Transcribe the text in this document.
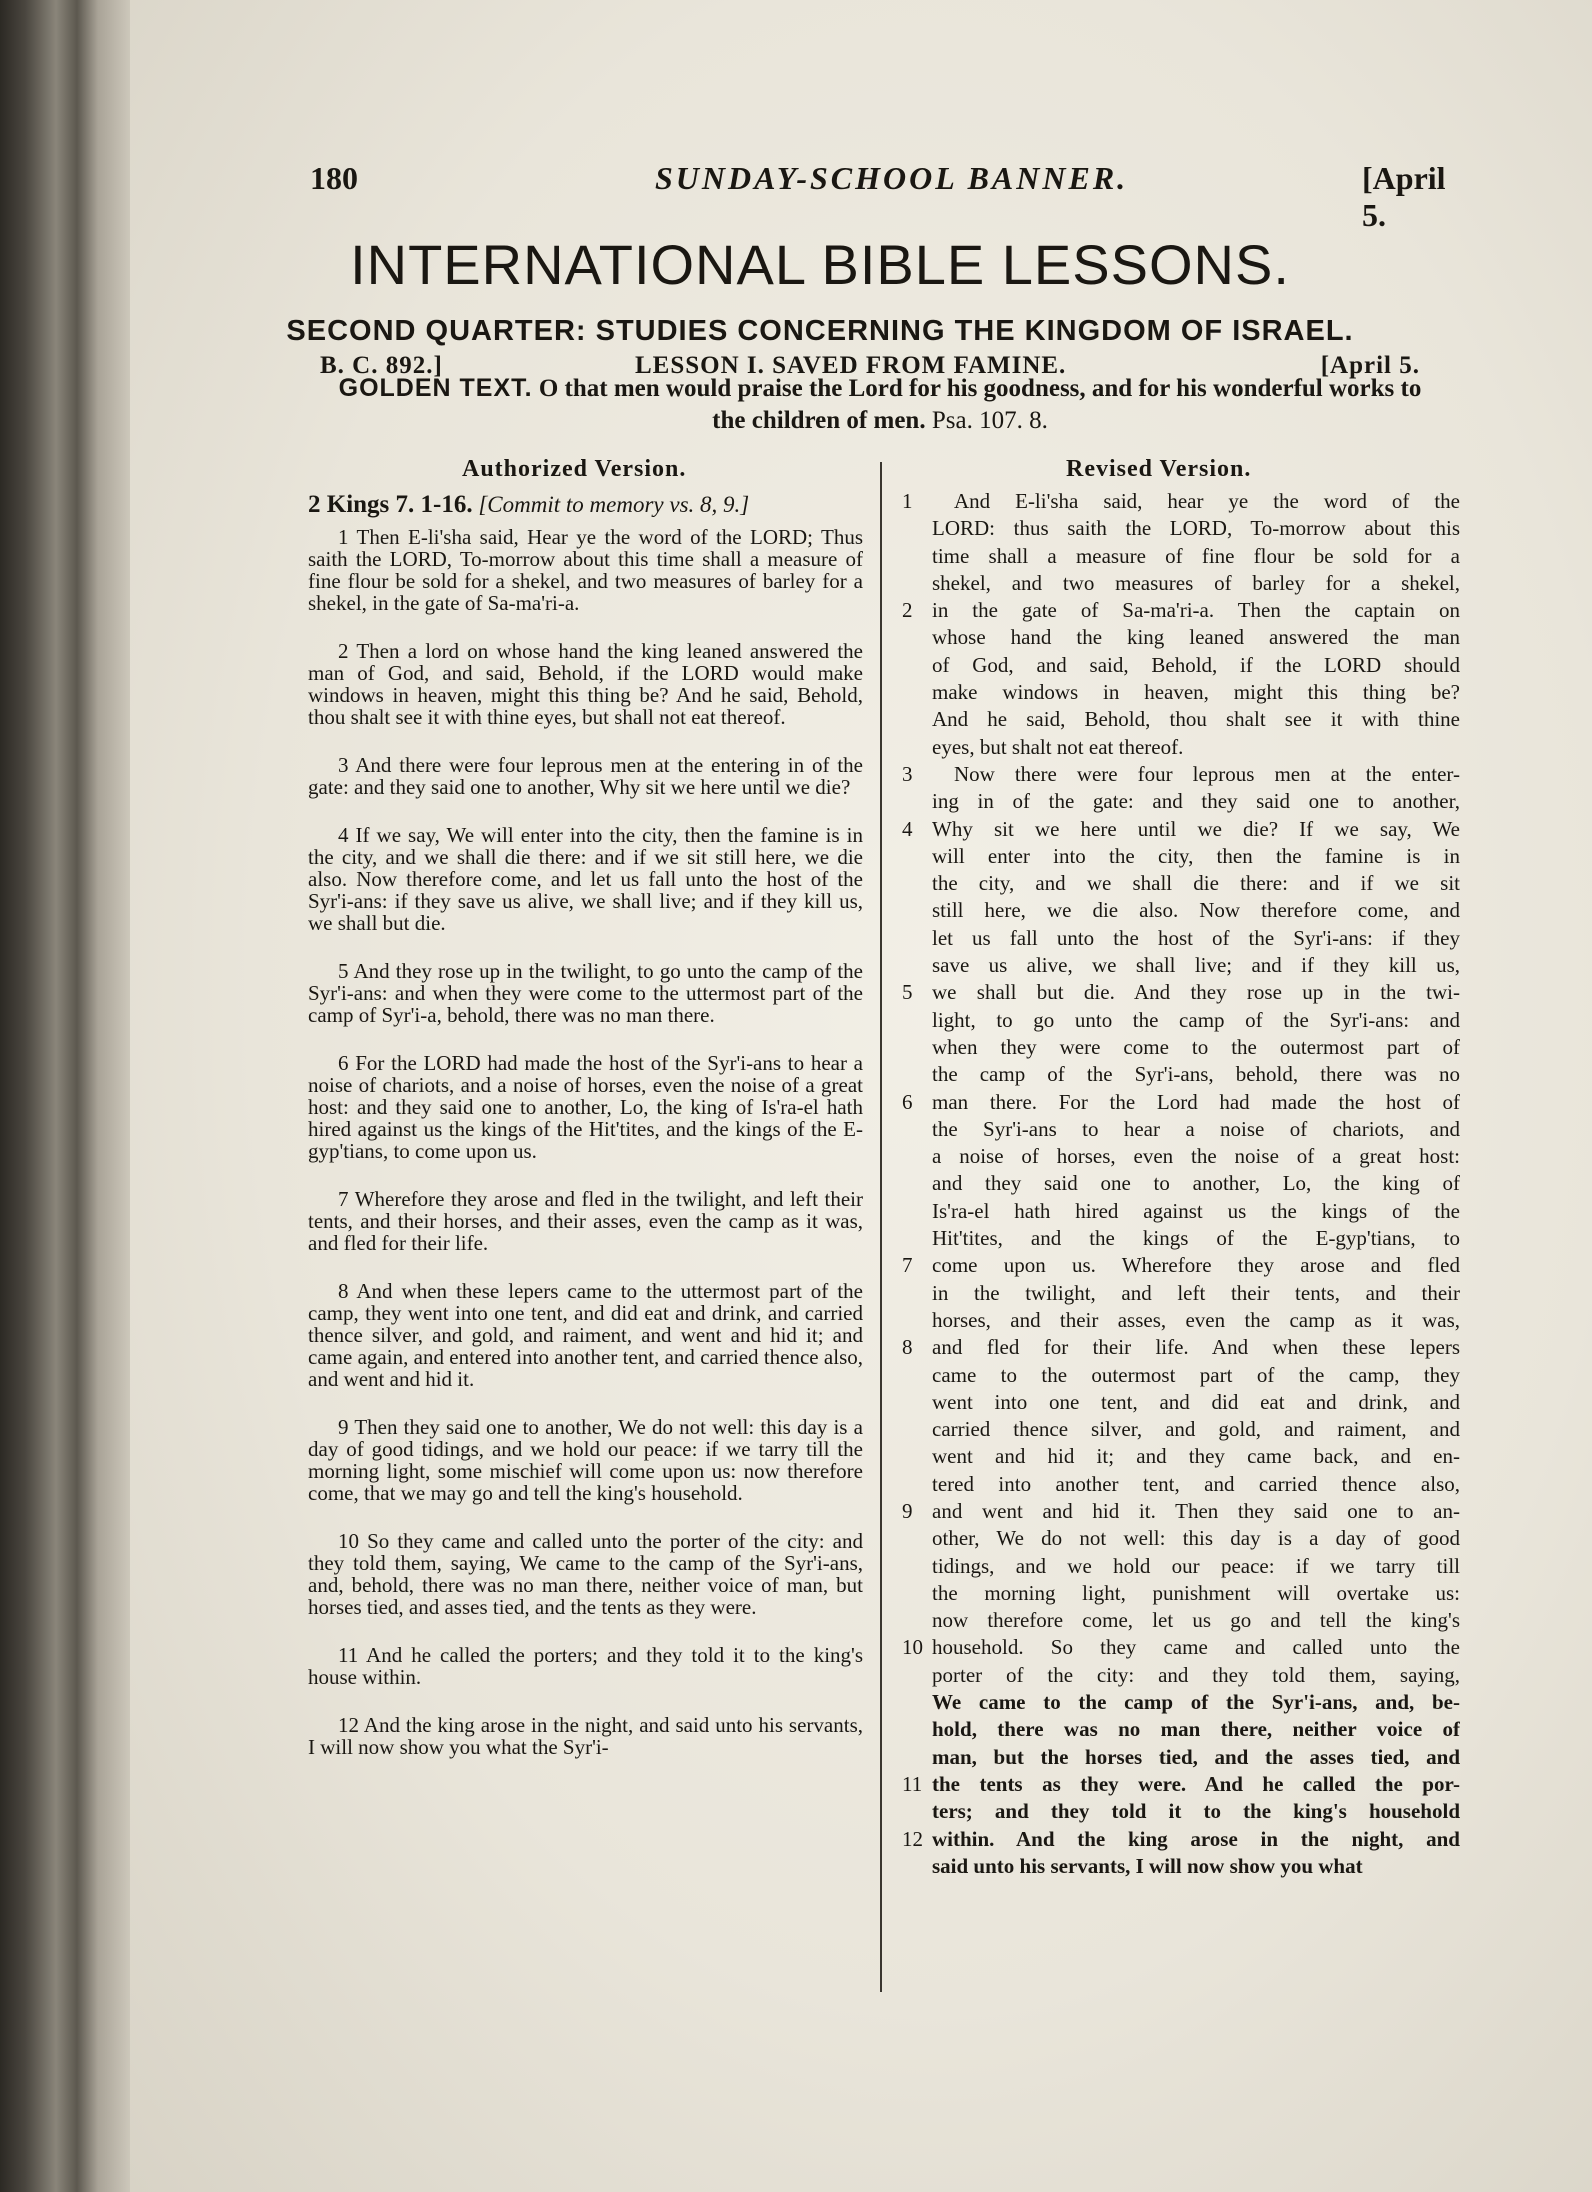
180	SUNDAY-SCHOOL BANNER.	[April 5.
INTERNATIONAL BIBLE LESSONS.
SECOND QUARTER: STUDIES CONCERNING THE KINGDOM OF ISRAEL.
B. C. 892.]	LESSON I. SAVED FROM FAMINE.	[April 5.
GOLDEN TEXT. O that men would praise the Lord for his goodness, and for his wonderful works to the children of men. Psa. 107. 8.
Authorized Version.	Revised Version.
2 Kings 7. 1-16. [Commit to memory vs. 8, 9.]

1 Then E-li'sha said, Hear ye the word of the LORD; Thus saith the LORD, To-morrow about this time shall a measure of fine flour be sold for a shekel, and two measures of barley for a shekel, in the gate of Sa-ma'ri-a.

2 Then a lord on whose hand the king leaned answered the man of God, and said, Behold, if the LORD would make windows in heaven, might this thing be? And he said, Behold, thou shalt see it with thine eyes, but shall not eat thereof.

3 And there were four leprous men at the entering in of the gate: and they said one to another, Why sit we here until we die?

4 If we say, We will enter into the city, then the famine is in the city, and we shall die there: and if we sit still here, we die also. Now therefore come, and let us fall unto the host of the Syr'i-ans: if they save us alive, we shall live; and if they kill us, we shall but die.

5 And they rose up in the twilight, to go unto the camp of the Syr'i-ans: and when they were come to the uttermost part of the camp of Syr'i-a, behold, there was no man there.

6 For the LORD had made the host of the Syr'i-ans to hear a noise of chariots, and a noise of horses, even the noise of a great host: and they said one to another, Lo, the king of Is'ra-el hath hired against us the kings of the Hit'tites, and the kings of the E-gyp'tians, to come upon us.

7 Wherefore they arose and fled in the twilight, and left their tents, and their horses, and their asses, even the camp as it was, and fled for their life.

8 And when these lepers came to the uttermost part of the camp, they went into one tent, and did eat and drink, and carried thence silver, and gold, and raiment, and went and hid it; and came again, and entered into another tent, and carried thence also, and went and hid it.

9 Then they said one to another, We do not well: this day is a day of good tidings, and we hold our peace: if we tarry till the morning light, some mischief will come upon us: now therefore come, that we may go and tell the king's household.

10 So they came and called unto the porter of the city: and they told them, saying, We came to the camp of the Syr'i-ans, and, behold, there was no man there, neither voice of man, but horses tied, and asses tied, and the tents as they were.

11 And he called the porters; and they told it to the king's house within.

12 And the king arose in the night, and said unto his servants, I will now show you what the Syr'i-

1	And E-li'sha said, hear ye the word of the
LORD: thus saith the LORD, To-morrow about this
time shall a measure of fine flour be sold for a
shekel, and two measures of barley for a shekel,
2 in the gate of Sa-ma'ri-a. Then the captain on
whose hand the king leaned answered the man
of God, and said, Behold, if the LORD should
make windows in heaven, might this thing be?
And he said, Behold, thou shalt see it with thine
eyes, but shalt not eat thereof.
3	Now there were four leprous men at the enter-
ing in of the gate: and they said one to another,
4 Why sit we here until we die? If we say, We
will enter into the city, then the famine is in
the city, and we shall die there: and if we sit
still here, we die also. Now therefore come, and
let us fall unto the host of the Syr'i-ans: if they
save us alive, we shall live; and if they kill us,
5 we shall but die. And they rose up in the twi-
light, to go unto the camp of the Syr'i-ans: and
when they were come to the outermost part of
the camp of the Syr'i-ans, behold, there was no
6 man there. For the Lord had made the host of
the Syr'i-ans to hear a noise of chariots, and
a noise of horses, even the noise of a great host:
and they said one to another, Lo, the king of
Is'ra-el hath hired against us the kings of the
Hit'tites, and the kings of the E-gyp'tians, to
7 come upon us. Wherefore they arose and fled
in the twilight, and left their tents, and their
horses, and their asses, even the camp as it was,
8 and fled for their life. And when these lepers
came to the outermost part of the camp, they
went into one tent, and did eat and drink, and
carried thence silver, and gold, and raiment, and
went and hid it; and they came back, and en-
tered into another tent, and carried thence also,
9 and went and hid it. Then they said one to an-
other, We do not well: this day is a day of good
tidings, and we hold our peace: if we tarry till
the morning light, punishment will overtake us:
now therefore come, let us go and tell the king's
10 household. So they came and called unto the
porter of the city: and they told them, saying,
We came to the camp of the Syr'i-ans, and, be-
hold, there was no man there, neither voice of
man, but the horses tied, and the asses tied, and
11 the tents as they were. And he called the por-
ters; and they told it to the king's household
12 within. And the king arose in the night, and
said unto his servants, I will now show you what
